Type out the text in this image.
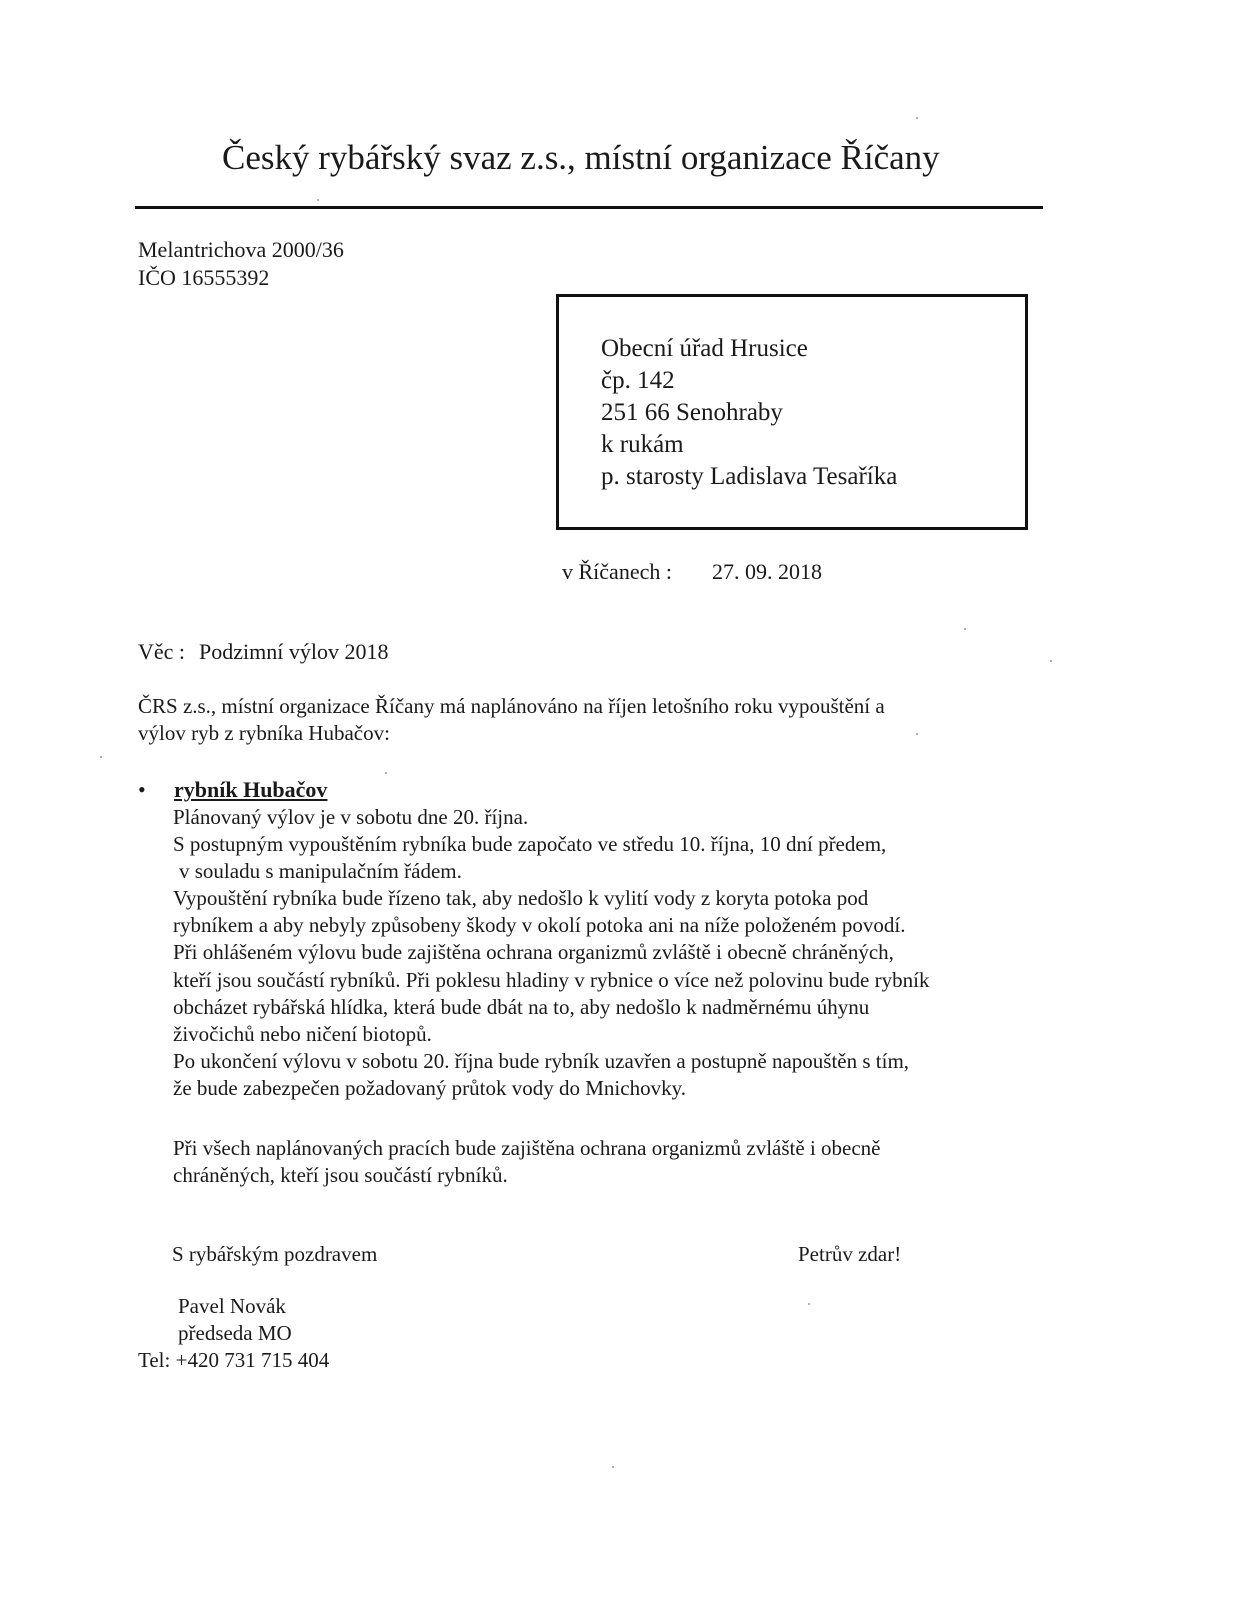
Český rybářský svaz z.s., místní organizace Říčany
Melantrichova 2000/36
IČO 16555392
Obecní úřad Hrusice
čp. 142
251 66 Senohraby
k rukám
p. starosty Ladislava Tesaříka
v Říčanech : 27. 09. 2018
Věc : Podzimní výlov 2018
ČRS z.s., místní organizace Říčany má naplánováno na říjen letošního roku vypouštění a
výlov ryb z rybníka Hubačov:
• rybník Hubačov
Plánovaný výlov je v sobotu dne 20. října.
S postupným vypouštěním rybníka bude započato ve středu 10. října, 10 dní předem,
v souladu s manipulačním řádem.
Vypouštění rybníka bude řízeno tak, aby nedošlo k vylití vody z koryta potoka pod
rybníkem a aby nebyly způsobeny škody v okolí potoka ani na níže položeném povodí.
Při ohlášeném výlovu bude zajištěna ochrana organizmů zvláště i obecně chráněných,
kteří jsou součástí rybníků. Při poklesu hladiny v rybnice o více než polovinu bude rybník
obcházet rybářská hlídka, která bude dbát na to, aby nedošlo k nadměrnému úhynu
živočichů nebo ničení biotopů.
Po ukončení výlovu v sobotu 20. října bude rybník uzavřen a postupně napouštěn s tím,
že bude zabezpečen požadovaný průtok vody do Mnichovky.
Při všech naplánovaných pracích bude zajištěna ochrana organizmů zvláště i obecně
chráněných, kteří jsou součástí rybníků.
S rybářským pozdravem	Petrův zdar!
Pavel Novák
předseda MO
Tel: +420 731 715 404
